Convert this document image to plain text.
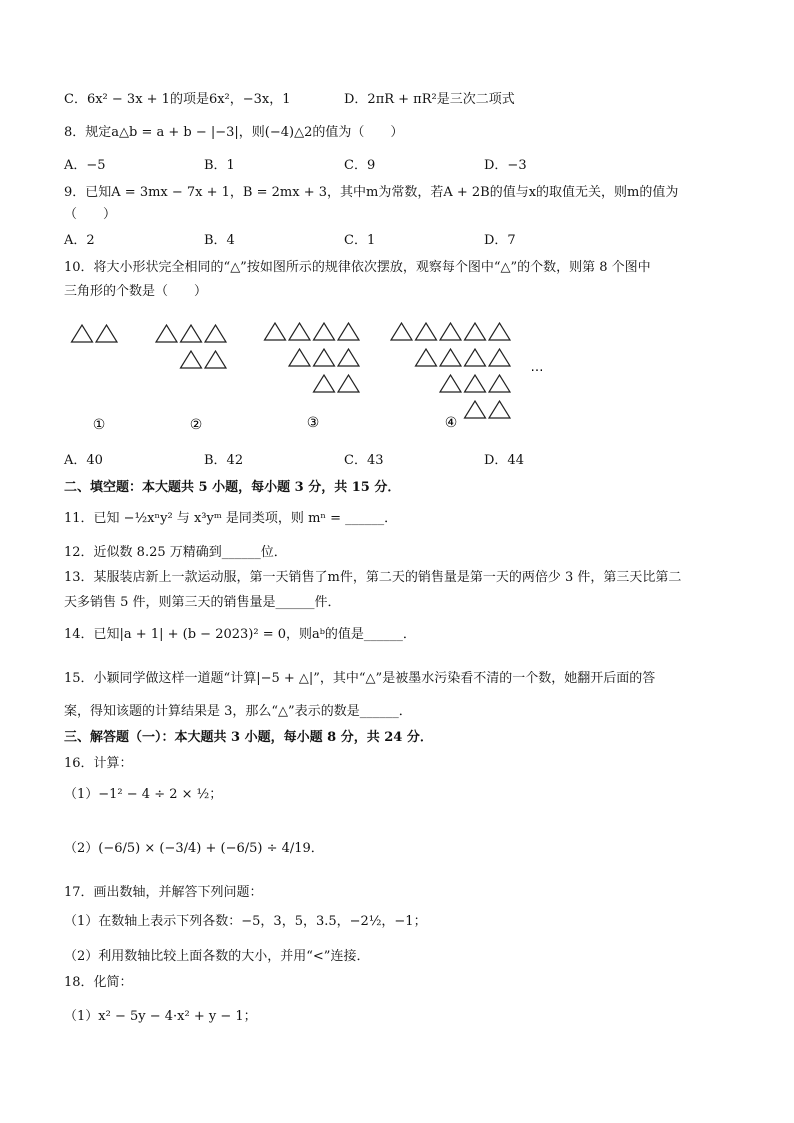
C．6x² − 3x + 1的项是6x²，−3x，1	D．2πR + πR²是三次二项式
8．规定a△b = a + b − |−3|，则(−4)△2的值为（　　）
A．−5	B．1	C．9	D．−3
9．已知A = 3mx − 7x + 1，B = 2mx + 3，其中m为常数，若A + 2B的值与x的取值无关，则m的值为
（　　）
A．2	B．4	C．1	D．7
10．将大小形状完全相同的“△”按如图所示的规律依次摆放，观察每个图中“△”的个数，则第 8 个图中
三角形的个数是（　　）
①	②	③	④
…
A．40	B．42	C．43	D．44
二、填空题：本大题共 5 小题，每小题 3 分，共 15 分．
11．已知 −½xⁿy² 与 x³yᵐ 是同类项，则 mⁿ = ______．
12．近似数 8.25 万精确到______位．
13．某服装店新上一款运动服，第一天销售了m件，第二天的销售量是第一天的两倍少 3 件，第三天比第二
天多销售 5 件，则第三天的销售量是______件．
14．已知|a + 1| + (b − 2023)² = 0，则aᵇ的值是______．
15．小颖同学做这样一道题“计算|−5 + △|”，其中“△”是被墨水污染看不清的一个数，她翻开后面的答
案，得知该题的计算结果是 3，那么“△”表示的数是______．
三、解答题（一）：本大题共 3 小题，每小题 8 分，共 24 分．
16．计算：
（1）−1² − 4 ÷ 2 × ½；
（2）(−6/5) × (−3/4) + (−6/5) ÷ 4/19．
17．画出数轴，并解答下列问题：
（1）在数轴上表示下列各数：−5，3，5，3.5，−2½，−1；
（2）利用数轴比较上面各数的大小，并用“<”连接．
18．化简：
（1）x² − 5y − 4·x² + y − 1；
